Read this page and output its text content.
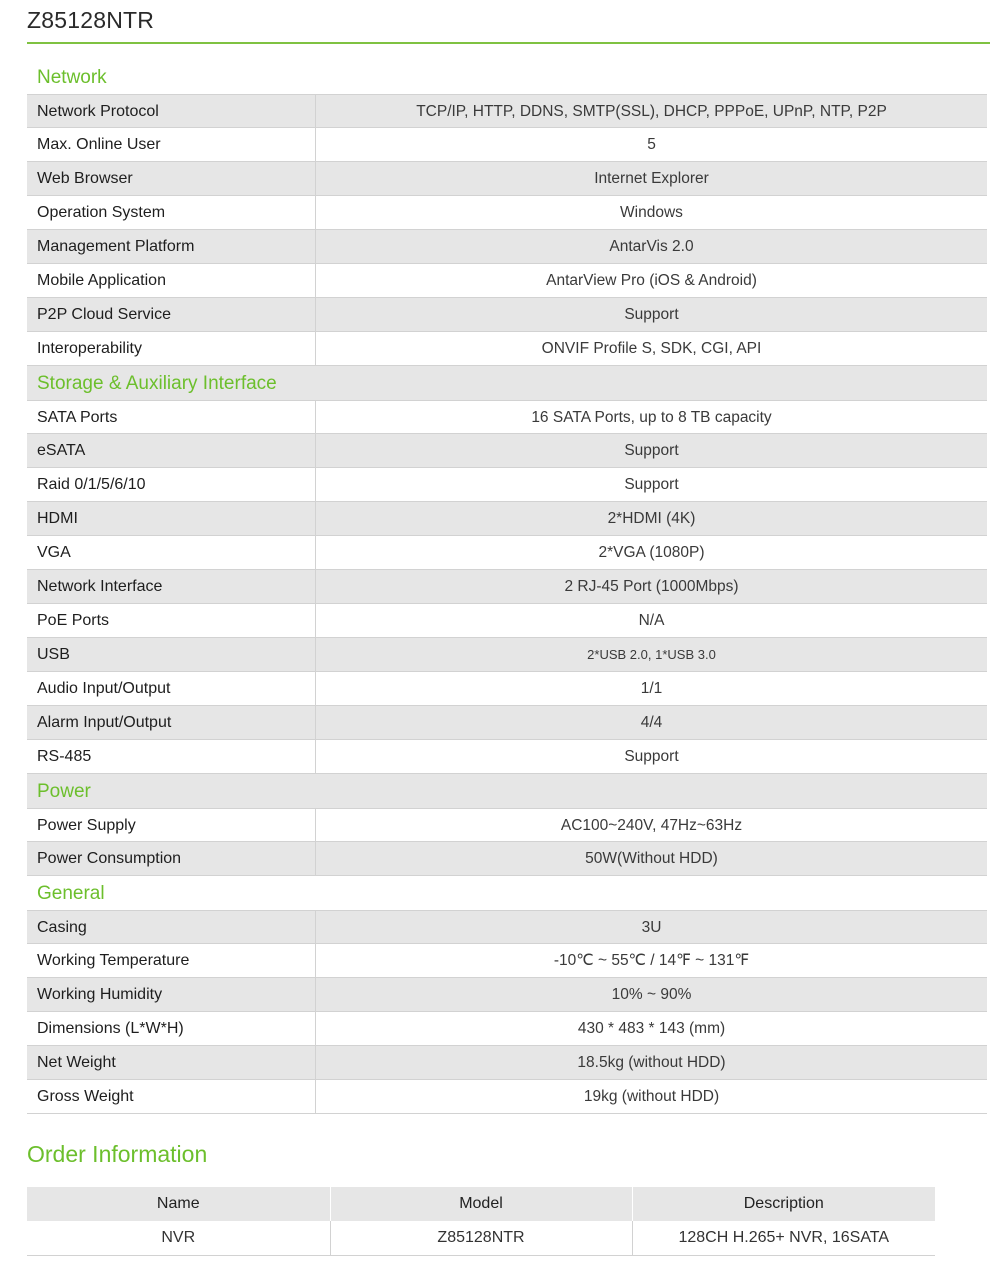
Z85128NTR
Network
Network Protocol	TCP/IP, HTTP, DDNS, SMTP(SSL), DHCP, PPPoE, UPnP, NTP, P2P
Max. Online User	5
Web Browser	Internet Explorer
Operation System	Windows
Management Platform	AntarVis 2.0
Mobile Application	AntarView Pro (iOS & Android)
P2P Cloud Service	Support
Interoperability	ONVIF Profile S, SDK, CGI, API
Storage & Auxiliary Interface
SATA Ports	16 SATA Ports, up to 8 TB capacity
eSATA	Support
Raid 0/1/5/6/10	Support
HDMI	2*HDMI (4K)
VGA	2*VGA (1080P)
Network Interface	2 RJ-45 Port (1000Mbps)
PoE Ports	N/A
USB	2*USB 2.0, 1*USB 3.0
Audio Input/Output	1/1
Alarm Input/Output	4/4
RS-485	Support
Power
Power Supply	AC100~240V, 47Hz~63Hz
Power Consumption	50W(Without HDD)
General
Casing	3U
Working Temperature	-10℃ ~ 55℃ / 14℉ ~ 131℉
Working Humidity	10% ~ 90%
Dimensions (L*W*H)	430 * 483 * 143 (mm)
Net Weight	18.5kg (without HDD)
Gross Weight	19kg (without HDD)
Order Information
Name	Model	Description
NVR	Z85128NTR	128CH H.265+ NVR, 16SATA
